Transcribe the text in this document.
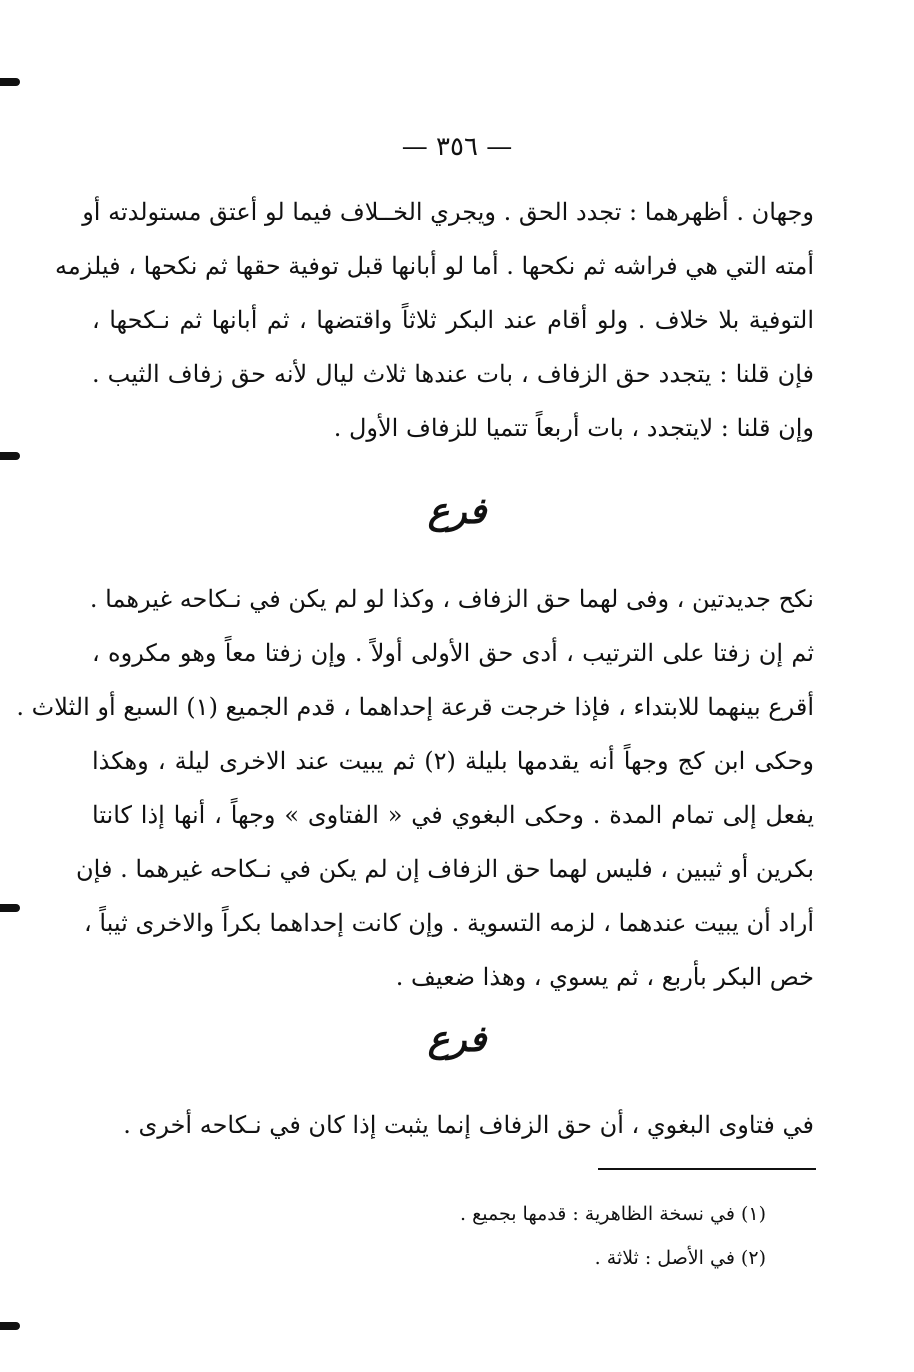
— ٣٥٦ —
وجهان . أظهرهما : تجدد الحق . ويجري الخــلاف فيما لو أعتق مستولدته أو
أمته التي هي فراشه ثم نكحها . أما لو أبانها قبل توفية حقها ثم نكحها ، فيلزمه
التوفية بلا خلاف . ولو أقام عند البكر ثلاثاً واقتضها ، ثم أبانها ثم نـكحها ،
فإن قلنا : يتجدد حق الزفاف ، بات عندها ثلاث ليال لأنه حق زفاف الثيب .
وإن قلنا : لايتجدد ، بات أربعاً تتميا للزفاف الأول .
فرع
نكح جديدتين ، وفى لهما حق الزفاف ، وكذا لو لم يكن في نـكاحه غيرهما .
ثم إن زفتا على الترتيب ، أدى حق الأولى أولاً . وإن زفتا معاً وهو مكروه ،
أقرع بينهما للابتداء ، فإذا خرجت قرعة إحداهما ، قدم الجميع (١) السبع أو الثلاث .
وحكى ابن كج وجهاً أنه يقدمها بليلة (٢) ثم يبيت عند الاخرى ليلة ، وهكذا
يفعل إلى تمام المدة . وحكى البغوي في « الفتاوى » وجهاً ، أنها إذا كانتا
بكرين أو ثيبين ، فليس لهما حق الزفاف إن لم يكن في نـكاحه غيرهما . فإن
أراد أن يبيت عندهما ، لزمه التسوية . وإن كانت إحداهما بكراً والاخرى ثيباً ،
خص البكر بأربع ، ثم يسوي ، وهذا ضعيف .
فرع
في فتاوى البغوي ، أن حق الزفاف إنما يثبت إذا كان في نـكاحه أخرى .
(١) في نسخة الظاهرية : قدمها بجميع .
(٢) في الأصل : ثلاثة .
